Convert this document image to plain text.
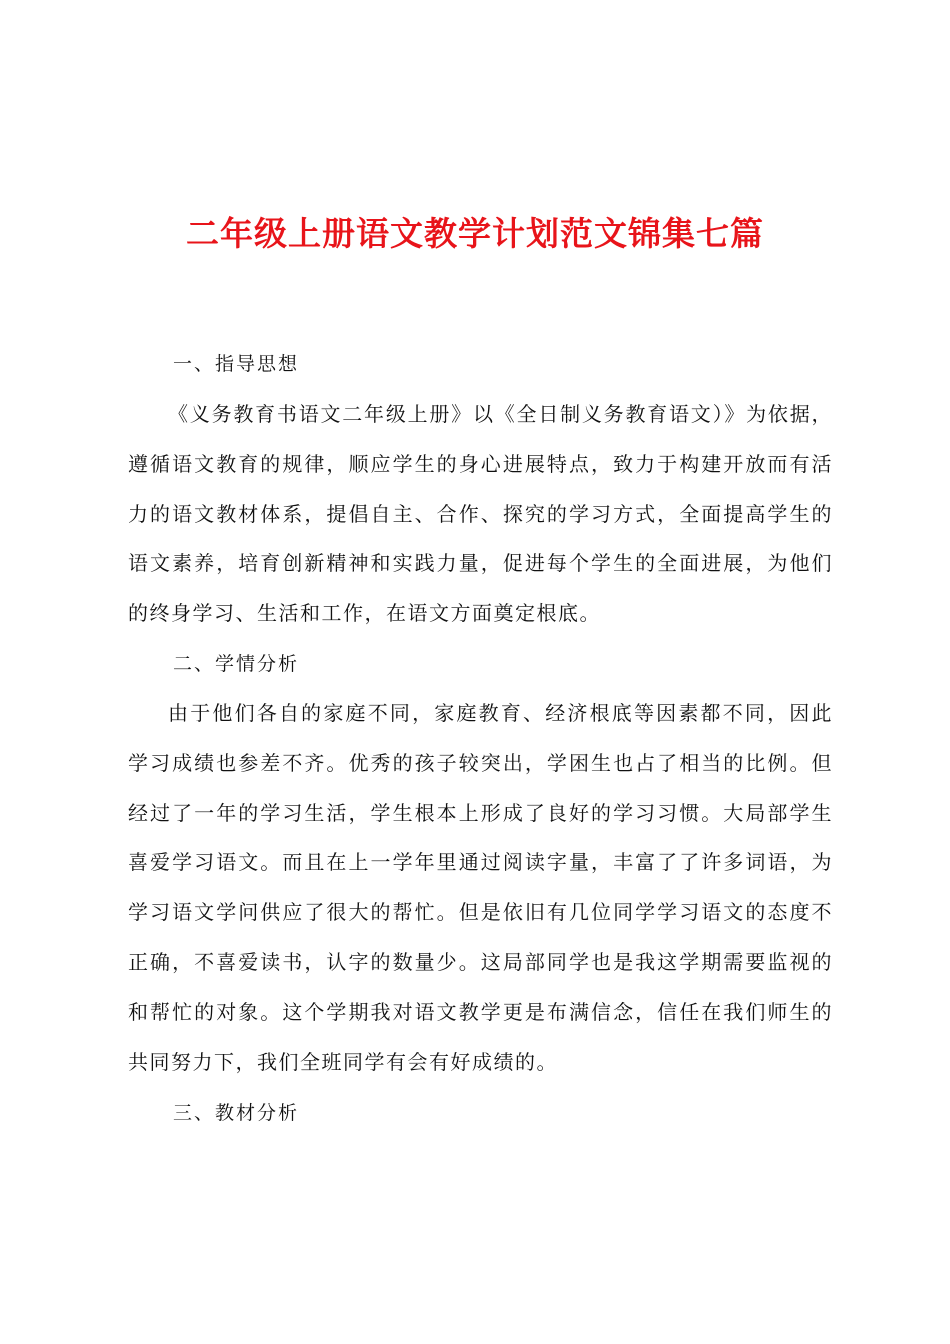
二年级上册语文教学计划范文锦集七篇

一、指导思想

《义务教育书语文二年级上册》以《全日制义务教育语文）》为依据，遵循语文教育的规律，顺应学生的身心进展特点，致力于构建开放而有活力的语文教材体系，提倡自主、合作、探究的学习方式，全面提高学生的语文素养，培育创新精神和实践力量，促进每个学生的全面进展，为他们的终身学习、生活和工作，在语文方面奠定根底。

二、学情分析

由于他们各自的家庭不同，家庭教育、经济根底等因素都不同，因此学习成绩也参差不齐。优秀的孩子较突出，学困生也占了相当的比例。但经过了一年的学习生活，学生根本上形成了良好的学习习惯。大局部学生喜爱学习语文。而且在上一学年里通过阅读字量，丰富了了许多词语，为学习语文学问供应了很大的帮忙。但是依旧有几位同学学习语文的态度不正确，不喜爱读书，认字的数量少。这局部同学也是我这学期需要监视的和帮忙的对象。这个学期我对语文教学更是布满信念，信任在我们师生的共同努力下，我们全班同学有会有好成绩的。

三、教材分析
